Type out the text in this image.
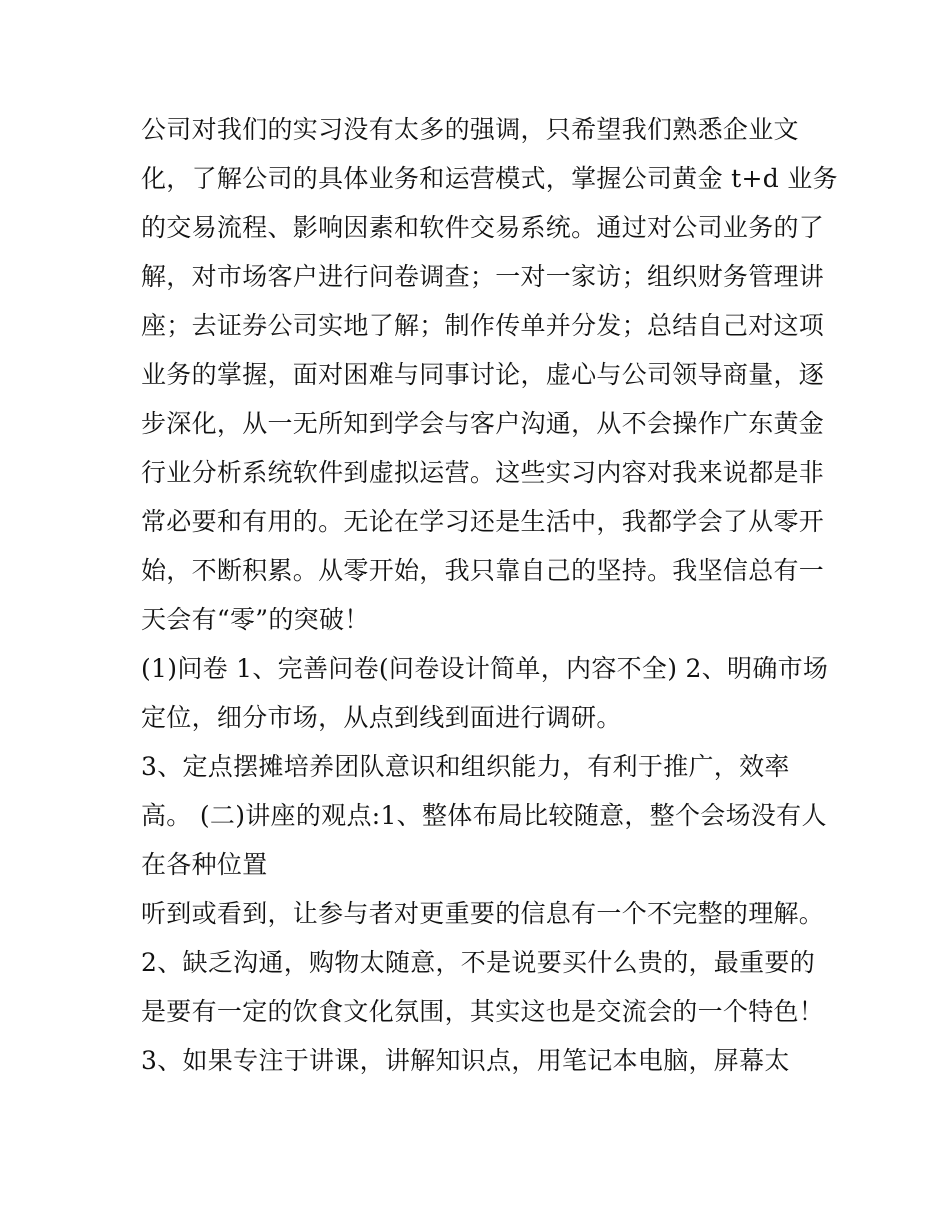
公司对我们的实习没有太多的强调，只希望我们熟悉企业文
化，了解公司的具体业务和运营模式，掌握公司黄金 t+d 业务
的交易流程、影响因素和软件交易系统。通过对公司业务的了
解，对市场客户进行问卷调查；一对一家访；组织财务管理讲
座；去证券公司实地了解；制作传单并分发；总结自己对这项
业务的掌握，面对困难与同事讨论，虚心与公司领导商量，逐
步深化，从一无所知到学会与客户沟通，从不会操作广东黄金
行业分析系统软件到虚拟运营。这些实习内容对我来说都是非
常必要和有用的。无论在学习还是生活中，我都学会了从零开
始，不断积累。从零开始，我只靠自己的坚持。我坚信总有一
天会有“零”的突破！
(1)问卷 1、完善问卷(问卷设计简单，内容不全) 2、明确市场
定位，细分市场，从点到线到面进行调研。
3、定点摆摊培养团队意识和组织能力，有利于推广，效率
高。 (二)讲座的观点:1、整体布局比较随意，整个会场没有人
在各种位置
听到或看到，让参与者对更重要的信息有一个不完整的理解。
2、缺乏沟通，购物太随意，不是说要买什么贵的，最重要的
是要有一定的饮食文化氛围，其实这也是交流会的一个特色！
3、如果专注于讲课，讲解知识点，用笔记本电脑，屏幕太
